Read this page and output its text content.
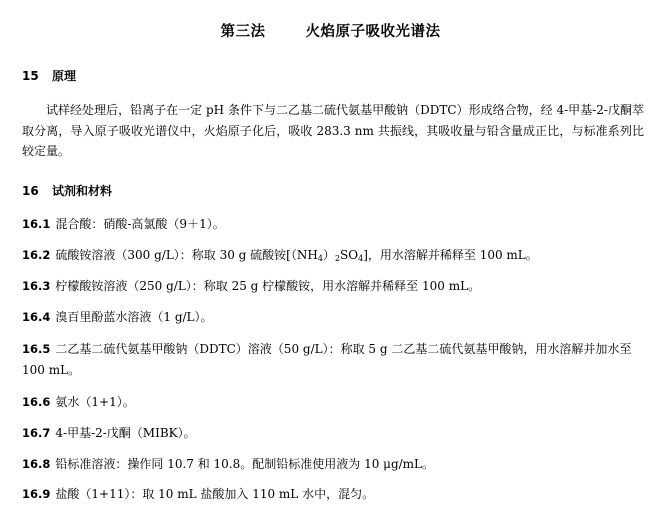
第三法	火焰原子吸收光谱法
15 原理
试样经处理后，铅离子在一定 pH 条件下与二乙基二硫代氨基甲酸钠（DDTC）形成络合物，经 4-甲基-2-戊酮萃取分离，导入原子吸收光谱仪中，火焰原子化后，吸收 283.3 nm 共振线，其吸收量与铅含量成正比，与标准系列比较定量。
16 试剂和材料
16.1 混合酸：硝酸-高氯酸（9＋1）。
16.2 硫酸铵溶液（300 g/L）：称取 30 g 硫酸铵$[(NH_4)_2SO_4]$，用水溶解并稀释至 100 mL。
16.3 柠檬酸铵溶液（250 g/L）：称取 25 g 柠檬酸铵，用水溶解并稀释至 100 mL。
16.4 溴百里酚蓝水溶液（1 g/L）。
16.5 二乙基二硫代氨基甲酸钠（DDTC）溶液（50 g/L）：称取 5 g 二乙基二硫代氨基甲酸钠，用水溶解并加水至 100 mL。
16.6 氨水（1+1）。
16.7 4-甲基-2-戊酮（MIBK）。
16.8 铅标准溶液：操作同 10.7 和 10.8。配制铅标准使用液为 10 μg/mL。
16.9 盐酸（1+11）：取 10 mL 盐酸加入 110 mL 水中，混匀。
